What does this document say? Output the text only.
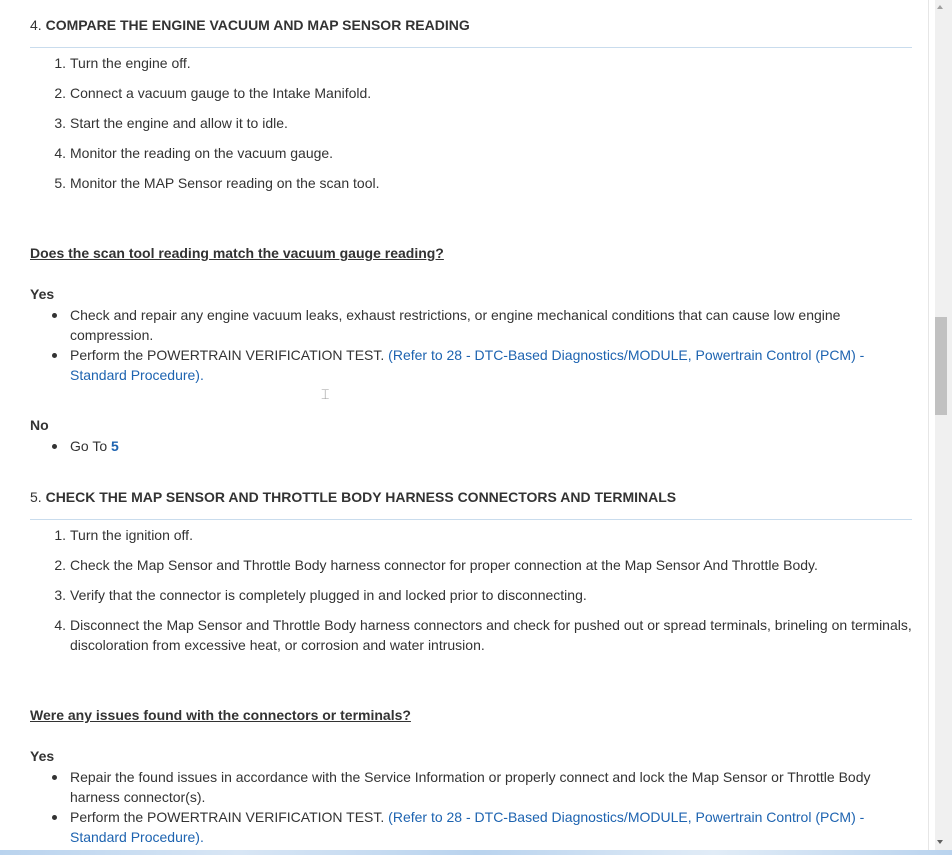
4. COMPARE THE ENGINE VACUUM AND MAP SENSOR READING
1. Turn the engine off.
2. Connect a vacuum gauge to the Intake Manifold.
3. Start the engine and allow it to idle.
4. Monitor the reading on the vacuum gauge.
5. Monitor the MAP Sensor reading on the scan tool.
Does the scan tool reading match the vacuum gauge reading?
Yes
Check and repair any engine vacuum leaks, exhaust restrictions, or engine mechanical conditions that can cause low engine compression.
Perform the POWERTRAIN VERIFICATION TEST. (Refer to 28 - DTC-Based Diagnostics/MODULE, Powertrain Control (PCM) - Standard Procedure).
No
Go To 5
5. CHECK THE MAP SENSOR AND THROTTLE BODY HARNESS CONNECTORS AND TERMINALS
1. Turn the ignition off.
2. Check the Map Sensor and Throttle Body harness connector for proper connection at the Map Sensor And Throttle Body.
3. Verify that the connector is completely plugged in and locked prior to disconnecting.
4. Disconnect the Map Sensor and Throttle Body harness connectors and check for pushed out or spread terminals, brineling on terminals, discoloration from excessive heat, or corrosion and water intrusion.
Were any issues found with the connectors or terminals?
Yes
Repair the found issues in accordance with the Service Information or properly connect and lock the Map Sensor or Throttle Body harness connector(s).
Perform the POWERTRAIN VERIFICATION TEST. (Refer to 28 - DTC-Based Diagnostics/MODULE, Powertrain Control (PCM) - Standard Procedure).
⌶
